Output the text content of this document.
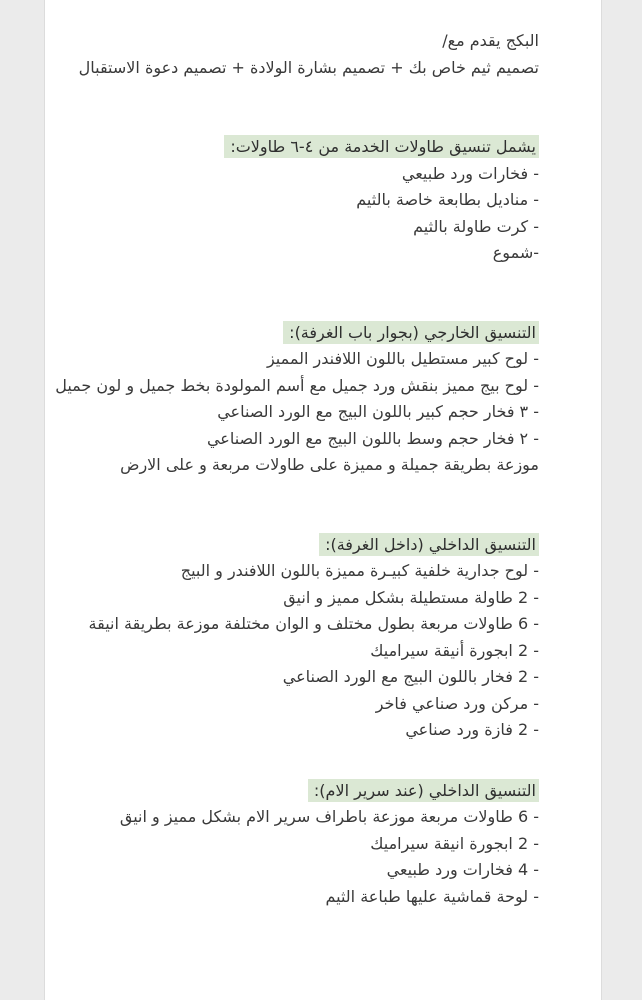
البكج يقدم مع/
تصميم ثيم خاص بك + تصميم بشارة الولادة + تصميم دعوة الاستقبال
يشمل تنسيق طاولات الخدمة من ٤-٦ طاولات:
- فخارات ورد طبيعي
- مناديل بطابعة خاصة بالثيم
- كرت طاولة بالثيم
-شموع
التنسيق الخارجي (بجوار باب الغرفة):
- لوح كبير مستطيل باللون اللافندر المميز
- لوح بيج مميز بنقش ورد جميل مع أسم المولودة بخط جميل و لون جميل
- ٣ فخار حجم كبير باللون البيج مع الورد الصناعي
- ٢ فخار حجم وسط باللون البيج مع الورد الصناعي
موزعة بطريقة جميلة و مميزة على طاولات مربعة و على الارض
التنسيق الداخلي (داخل الغرفة):
- لوح جدارية خلفية كبيـرة مميزة باللون اللافندر و البيج
- 2 طاولة مستطيلة بشكل مميز و انيق
- 6 طاولات مربعة بطول مختلف و الوان مختلفة موزعة بطريقة انيقة
- 2 ابجورة أنيقة سيراميك
- 2 فخار باللون البيج مع الورد الصناعي
- مركن ورد صناعي فاخر
- 2 فازة ورد صناعي
التنسيق الداخلي (عند سرير الام):
- 6 طاولات مربعة موزعة باطراف سرير الام بشكل مميز و انيق
- 2 ابجورة انيقة سيراميك
- 4 فخارات ورد طبيعي
- لوحة قماشية عليها طباعة الثيم
